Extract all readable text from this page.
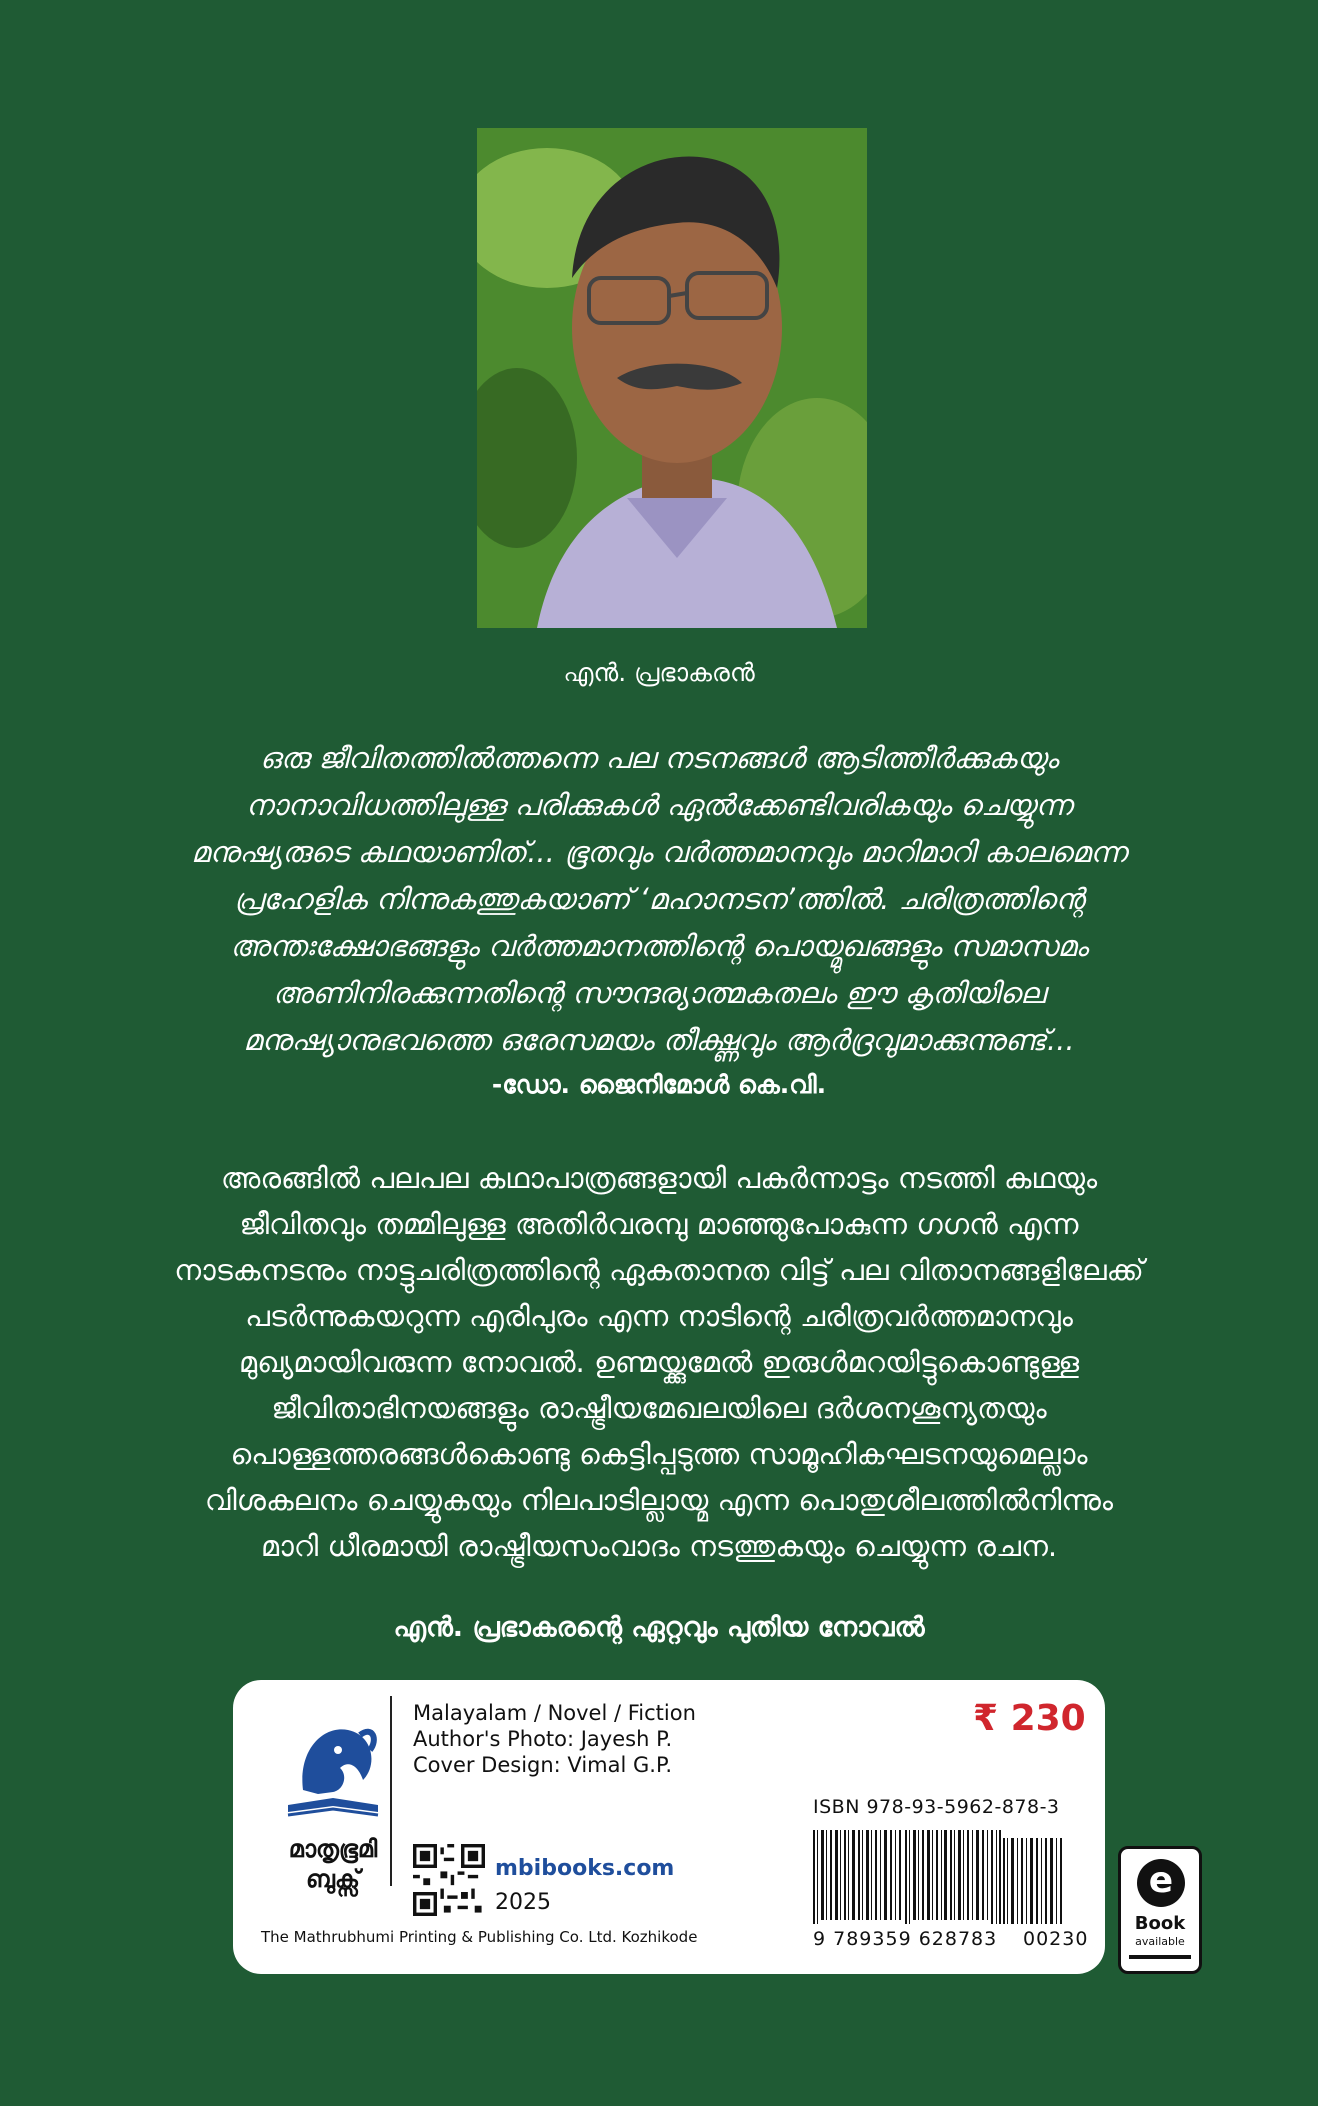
എൻ. പ്രഭാകരൻ
ഒരു ജീവിതത്തിൽത്തന്നെ പല നടനങ്ങൾ ആടിത്തീർക്കുകയും
നാനാവിധത്തിലുള്ള പരിക്കുകൾ ഏൽക്കേണ്ടിവരികയും ചെയ്യുന്ന
മനുഷ്യരുടെ കഥയാണിത്... ഭൂതവും വർത്തമാനവും മാറിമാറി കാലമെന്ന
പ്രഹേളിക നിന്നുകത്തുകയാണ് ‘മഹാനടന’ത്തിൽ. ചരിത്രത്തിന്റെ
അന്തഃക്ഷോഭങ്ങളും വർത്തമാനത്തിന്റെ പൊയ്മുഖങ്ങളും സമാസമം
അണിനിരക്കുന്നതിന്റെ സൗന്ദര്യാത്മകതലം ഈ കൃതിയിലെ
മനുഷ്യാനുഭവത്തെ ഒരേസമയം തീക്ഷ്ണവും ആർദ്രവുമാക്കുന്നുണ്ട്...
-ഡോ. ജൈനിമോൾ കെ.വി.
അരങ്ങിൽ പലപല കഥാപാത്രങ്ങളായി പകർന്നാട്ടം നടത്തി കഥയും
ജീവിതവും തമ്മിലുള്ള അതിർവരമ്പു മാഞ്ഞുപോകുന്ന ഗഗൻ എന്ന
നാടകനടനും നാട്ടുചരിത്രത്തിന്റെ ഏകതാനത വിട്ട് പല വിതാനങ്ങളിലേക്ക്
പടർന്നുകയറുന്ന എരിപുരം എന്ന നാടിന്റെ ചരിത്രവർത്തമാനവും
മുഖ്യമായിവരുന്ന നോവൽ. ഉണ്മയ്ക്കുമേൽ ഇരുൾമറയിട്ടുകൊണ്ടുള്ള
ജീവിതാഭിനയങ്ങളും രാഷ്ട്രീയമേഖലയിലെ ദർശനശൂന്യതയും
പൊള്ളത്തരങ്ങൾകൊണ്ടു കെട്ടിപ്പടുത്ത സാമൂഹികഘടനയുമെല്ലാം
വിശകലനം ചെയ്യുകയും നിലപാടില്ലായ്മ എന്ന പൊതുശീലത്തിൽനിന്നും
മാറി ധീരമായി രാഷ്ട്രീയസംവാദം നടത്തുകയും ചെയ്യുന്ന രചന.
എൻ. പ്രഭാകരന്റെ ഏറ്റവും പുതിയ നോവൽ
മാതൃഭൂമി
ബുക്സ്
Malayalam / Novel / Fiction
Author's Photo: Jayesh P.
Cover Design: Vimal G.P.
₹ 230
ISBN 978-93-5962-878-3
9 789359 628783 00230
mbibooks.com
2025
The Mathrubhumi Printing & Publishing Co. Ltd. Kozhikode
e
Book
available
